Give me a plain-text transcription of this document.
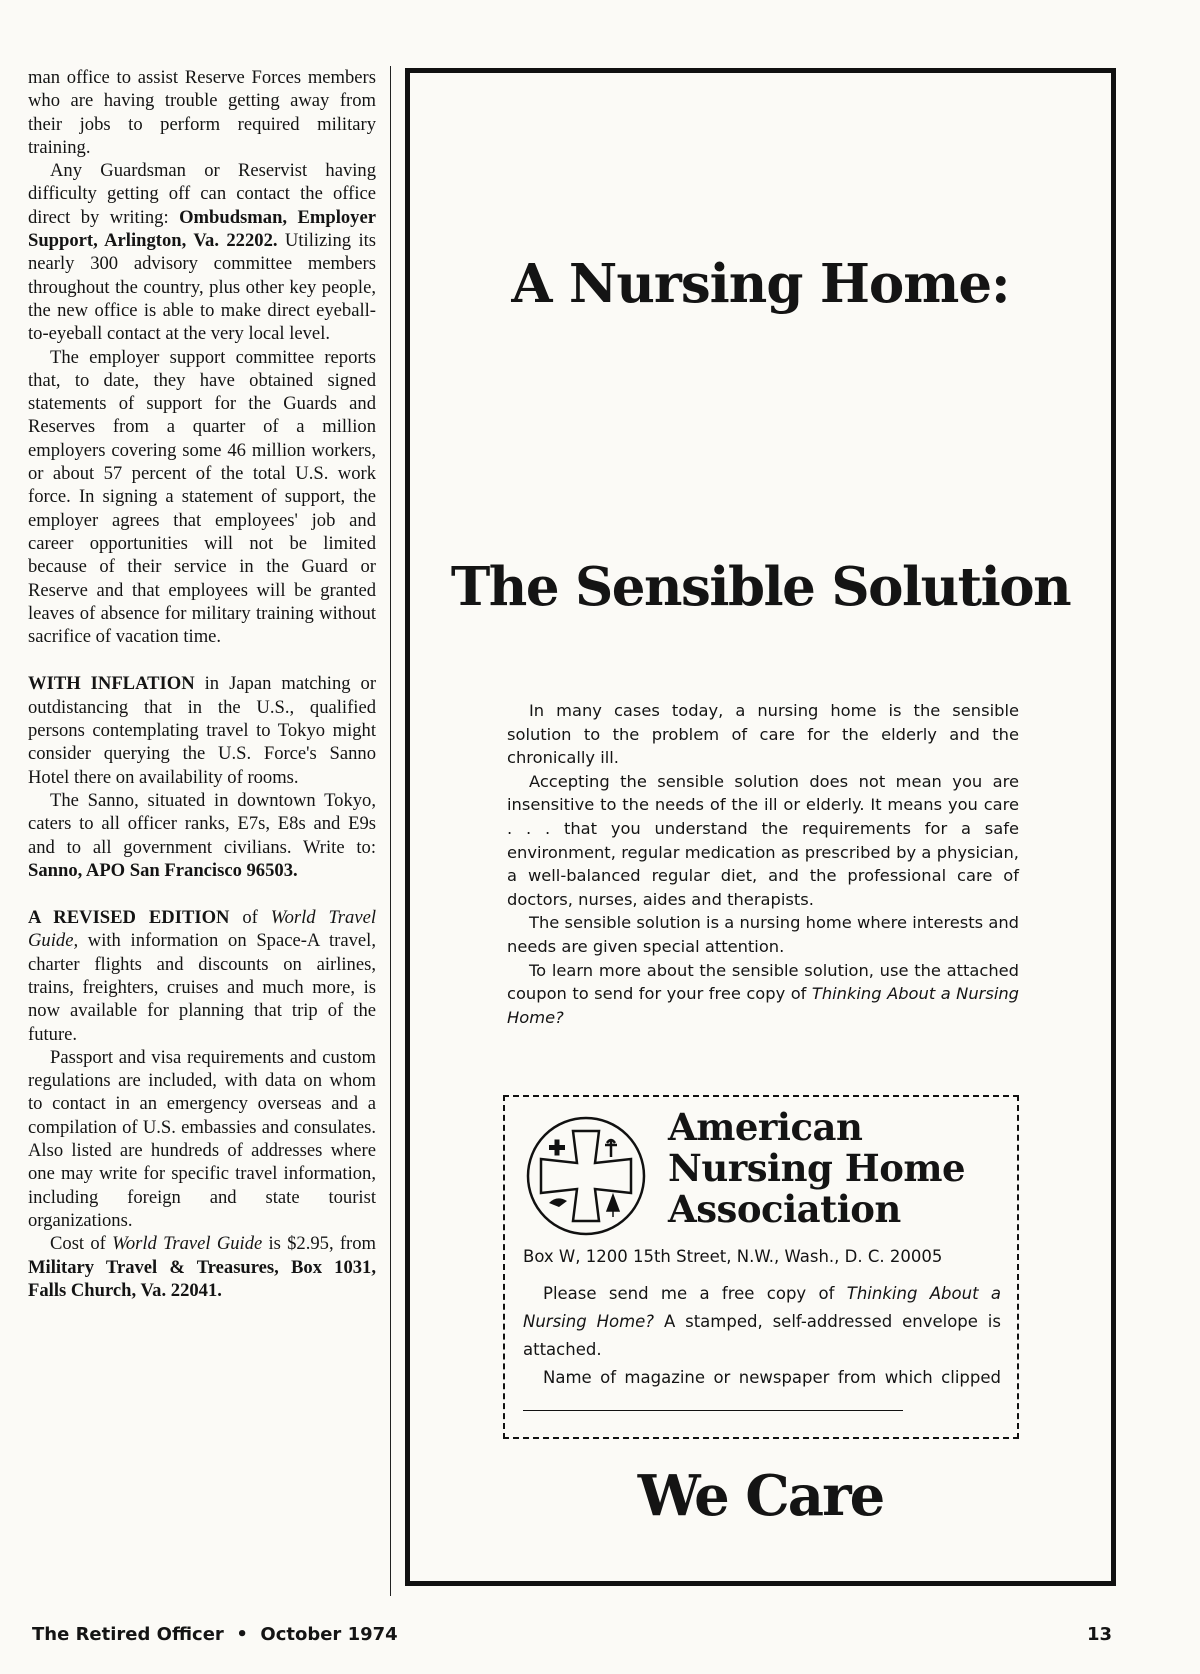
man office to assist Reserve Forces members who are having trouble getting away from their jobs to perform required military training.

Any Guardsman or Reservist having difficulty getting off can contact the office direct by writing: Ombudsman, Employer Support, Arlington, Va. 22202. Utilizing its nearly 300 advisory committee members throughout the country, plus other key people, the new office is able to make direct eyeball-to-eyeball contact at the very local level.

The employer support committee reports that, to date, they have obtained signed statements of support for the Guards and Reserves from a quarter of a million employers covering some 46 million workers, or about 57 percent of the total U.S. work force. In signing a statement of support, the employer agrees that employees' job and career opportunities will not be limited because of their service in the Guard or Reserve and that employees will be granted leaves of absence for military training without sacrifice of vacation time.

WITH INFLATION in Japan matching or outdistancing that in the U.S., qualified persons contemplating travel to Tokyo might consider querying the U.S. Force's Sanno Hotel there on availability of rooms.

The Sanno, situated in downtown Tokyo, caters to all officer ranks, E7s, E8s and E9s and to all government civilians. Write to: Sanno, APO San Francisco 96503.

A REVISED EDITION of World Travel Guide, with information on Space-A travel, charter flights and discounts on airlines, trains, freighters, cruises and much more, is now available for planning that trip of the future.

Passport and visa requirements and custom regulations are included, with data on whom to contact in an emergency overseas and a compilation of U.S. embassies and consulates. Also listed are hundreds of addresses where one may write for specific travel information, including foreign and state tourist organizations.

Cost of World Travel Guide is $2.95, from Military Travel & Treasures, Box 1031, Falls Church, Va. 22041.

A Nursing Home:
The Sensible Solution

In many cases today, a nursing home is the sensible solution to the problem of care for the elderly and the chronically ill.

Accepting the sensible solution does not mean you are insensitive to the needs of the ill or elderly. It means you care . . . that you understand the requirements for a safe environment, regular medication as prescribed by a physician, a well-balanced regular diet, and the professional care of doctors, nurses, aides and therapists.

The sensible solution is a nursing home where interests and needs are given special attention.

To learn more about the sensible solution, use the attached coupon to send for your free copy of Thinking About a Nursing Home?

American
Nursing Home
Association
Box W, 1200 15th Street, N.W., Wash., D. C. 20005

Please send me a free copy of Thinking About a Nursing Home? A stamped, self-addressed envelope is attached.

Name of magazine or newspaper from which clipped

We Care
The Retired Officer • October 1974	13
